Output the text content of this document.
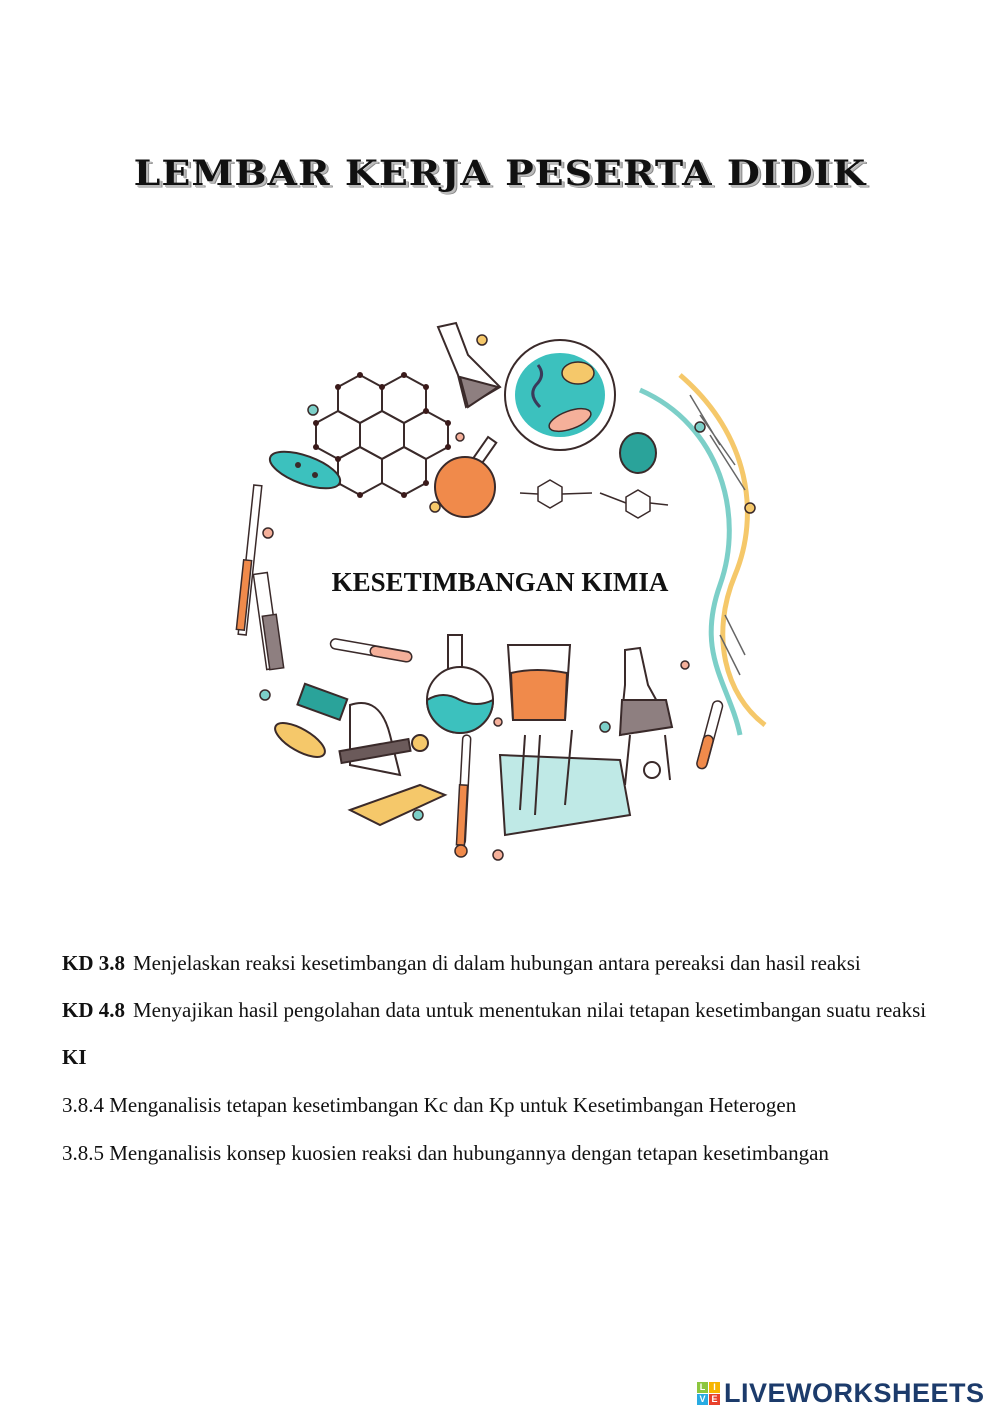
LEMBAR KERJA PESERTA DIDIK
KESETIMBANGAN KIMIA
KD 3.8 Menjelaskan reaksi kesetimbangan di dalam hubungan antara pereaksi dan hasil reaksi
KD 4.8 Menyajikan hasil pengolahan data untuk menentukan nilai tetapan kesetimbangan suatu reaksi
KI
3.8.4 Menganalisis tetapan kesetimbangan Kc dan Kp untuk Kesetimbangan Heterogen
3.8.5 Menganalisis konsep kuosien reaksi dan hubungannya dengan tetapan kesetimbangan
L I
V E LIVEWORKSHEETS
